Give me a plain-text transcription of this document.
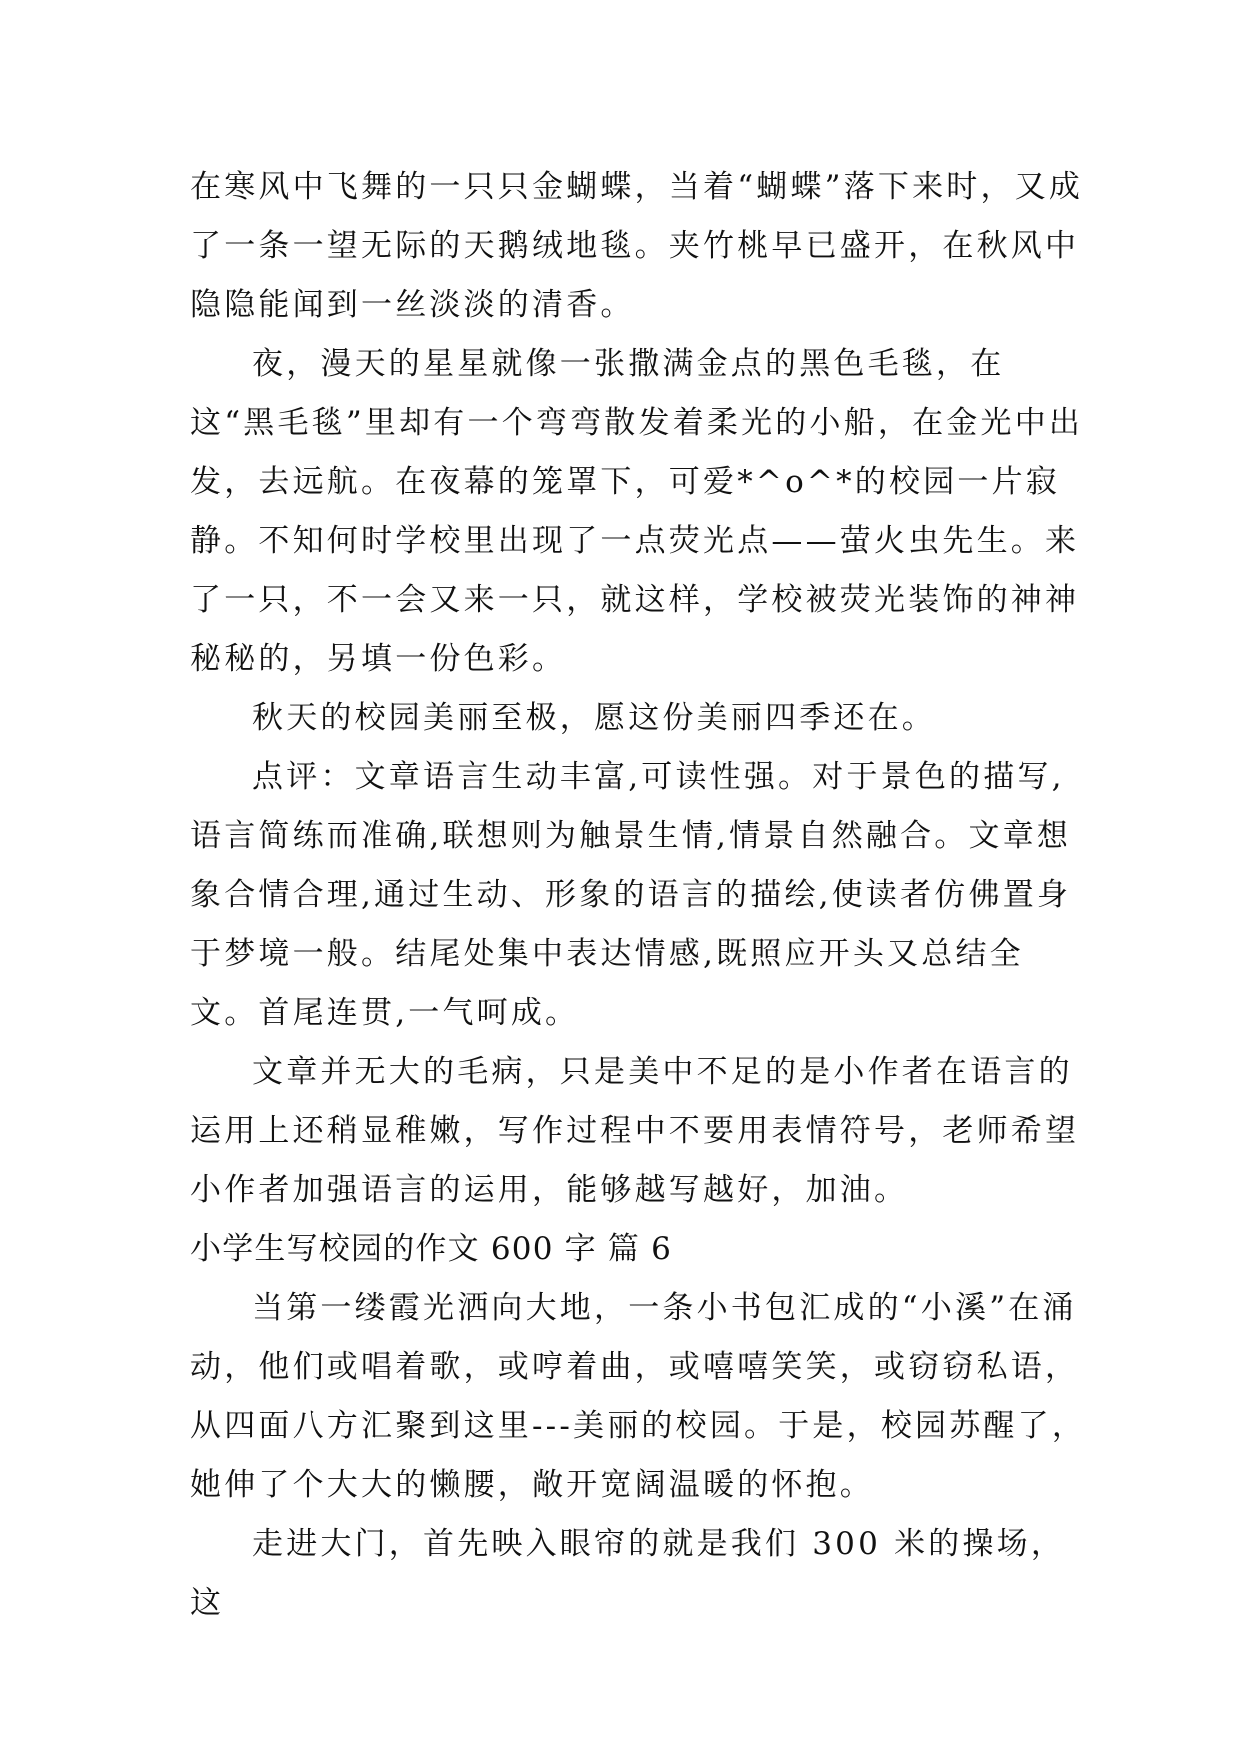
在寒风中飞舞的一只只金蝴蝶，当着“蝴蝶”落下来时，又成了一条一望无际的天鹅绒地毯。夹竹桃早已盛开，在秋风中隐隐能闻到一丝淡淡的清香。

夜，漫天的星星就像一张撒满金点的黑色毛毯，在这“黑毛毯”里却有一个弯弯散发着柔光的小船，在金光中出发，去远航。在夜幕的笼罩下，可爱*^o^*的校园一片寂静。不知何时学校里出现了一点荧光点——萤火虫先生。来了一只，不一会又来一只，就这样，学校被荧光装饰的神神秘秘的，另填一份色彩。

秋天的校园美丽至极，愿这份美丽四季还在。

点评：文章语言生动丰富,可读性强。对于景色的描写,语言简练而准确,联想则为触景生情,情景自然融合。文章想象合情合理,通过生动、形象的语言的描绘,使读者仿佛置身于梦境一般。结尾处集中表达情感,既照应开头又总结全文。首尾连贯,一气呵成。

文章并无大的毛病，只是美中不足的是小作者在语言的运用上还稍显稚嫩，写作过程中不要用表情符号，老师希望小作者加强语言的运用，能够越写越好，加油。

小学生写校园的作文 600 字 篇 6

当第一缕霞光洒向大地，一条小书包汇成的“小溪”在涌动，他们或唱着歌，或哼着曲，或嘻嘻笑笑，或窃窃私语，从四面八方汇聚到这里---美丽的校园。于是，校园苏醒了，她伸了个大大的懒腰，敞开宽阔温暖的怀抱。

走进大门，首先映入眼帘的就是我们 300 米的操场，这
